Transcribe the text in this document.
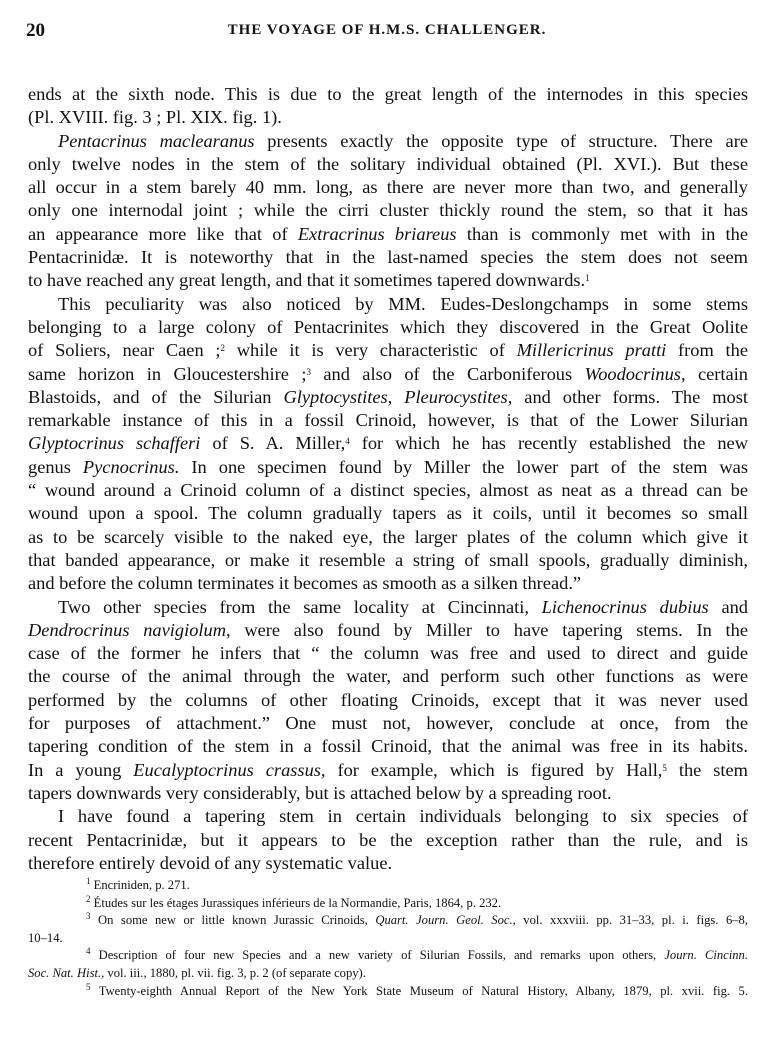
20	THE VOYAGE OF H.M.S. CHALLENGER.
ends at the sixth node. This is due to the great length of the internodes in this species
(Pl. XVIII. fig. 3 ; Pl. XIX. fig. 1).
Pentacrinus maclearanus presents exactly the opposite type of structure. There are
only twelve nodes in the stem of the solitary individual obtained (Pl. XVI.). But these
all occur in a stem barely 40 mm. long, as there are never more than two, and generally
only one internodal joint ; while the cirri cluster thickly round the stem, so that it has
an appearance more like that of Extracrinus briareus than is commonly met with in the
Pentacrinidæ. It is noteworthy that in the last-named species the stem does not seem
to have reached any great length, and that it sometimes tapered downwards.$^1$
This peculiarity was also noticed by MM. Eudes-Deslongchamps in some stems
belonging to a large colony of Pentacrinites which they discovered in the Great Oolite
of Soliers, near Caen ;$^2$ while it is very characteristic of Millericrinus pratti from the
same horizon in Gloucestershire ;$^3$ and also of the Carboniferous Woodocrinus, certain
Blastoids, and of the Silurian Glyptocystites, Pleurocystites, and other forms. The most
remarkable instance of this in a fossil Crinoid, however, is that of the Lower Silurian
Glyptocrinus schafferi of S. A. Miller,$^4$ for which he has recently established the new
genus Pycnocrinus. In one specimen found by Miller the lower part of the stem was
“ wound around a Crinoid column of a distinct species, almost as neat as a thread can be
wound upon a spool. The column gradually tapers as it coils, until it becomes so small
as to be scarcely visible to the naked eye, the larger plates of the column which give it
that banded appearance, or make it resemble a string of small spools, gradually diminish,
and before the column terminates it becomes as smooth as a silken thread.”
Two other species from the same locality at Cincinnati, Lichenocrinus dubius and
Dendrocrinus navigiolum, were also found by Miller to have tapering stems. In the
case of the former he infers that “ the column was free and used to direct and guide
the course of the animal through the water, and perform such other functions as were
performed by the columns of other floating Crinoids, except that it was never used
for purposes of attachment.” One must not, however, conclude at once, from the
tapering condition of the stem in a fossil Crinoid, that the animal was free in its habits.
In a young Eucalyptocrinus crassus, for example, which is figured by Hall,$^5$ the stem
tapers downwards very considerably, but is attached below by a spreading root.
I have found a tapering stem in certain individuals belonging to six species of
recent Pentacrinidæ, but it appears to be the exception rather than the rule, and is
therefore entirely devoid of any systematic value.
$^1$ Encriniden, p. 271.
$^2$ Études sur les étages Jurassiques inférieurs de la Normandie, Paris, 1864, p. 232.
$^3$ On some new or little known Jurassic Crinoids, Quart. Journ. Geol. Soc., vol. xxxviii. pp. 31–33, pl. i. figs. 6–8,
10–14.
$^4$ Description of four new Species and a new variety of Silurian Fossils, and remarks upon others, Journ. Cincinn.
Soc. Nat. Hist., vol. iii., 1880, pl. vii. fig. 3, p. 2 (of separate copy).
$^5$ Twenty-eighth Annual Report of the New York State Museum of Natural History, Albany, 1879, pl. xvii. fig. 5.
